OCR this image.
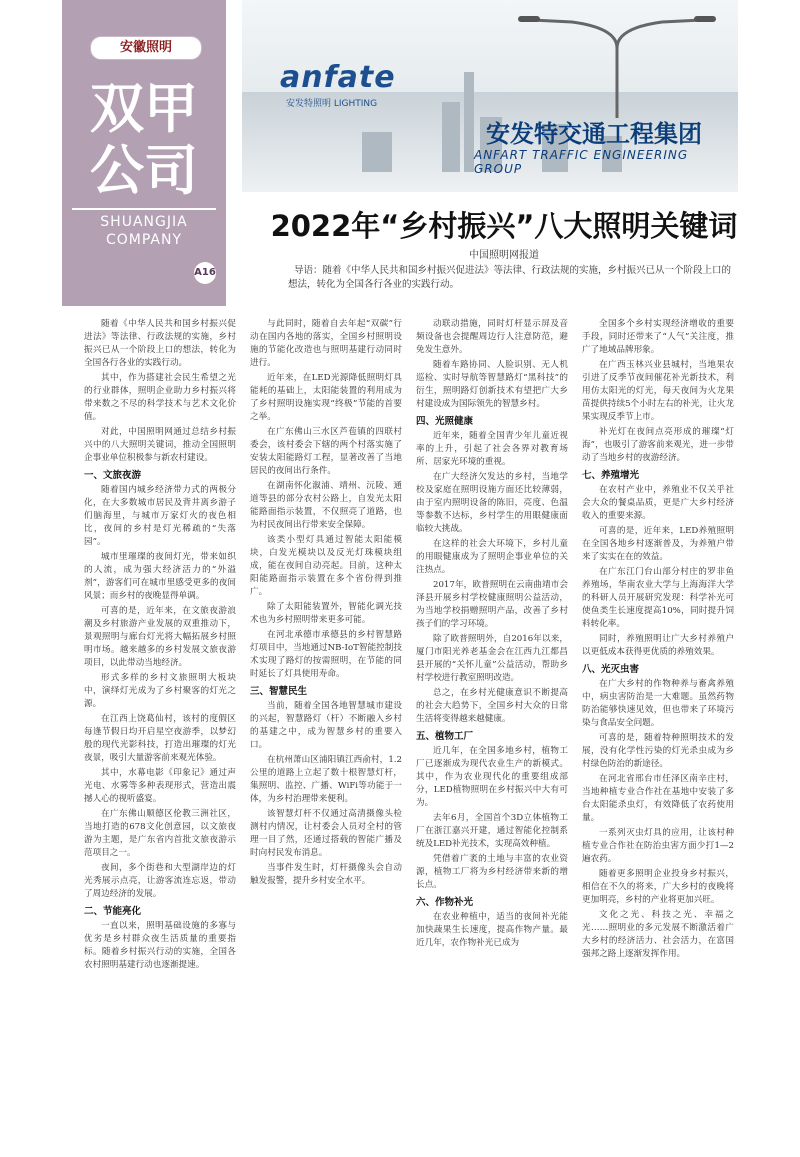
安徽照明
双甲
公司
SHUANGJIA
COMPANY
A16
anfate
安发特照明 LIGHTING
安发特交通工程集团
ANFART TRAFFIC ENGINEERING GROUP
2022年“乡村振兴”八大照明关键词
中国照明网报道
导语：随着《中华人民共和国乡村振兴促进法》等法律、行政法规的实施，乡村振兴已从一个阶段上口的想法，转化为全国各行各业的实践行动。

随着《中华人民共和国乡村振兴促进法》等法律、行政法规的实施，乡村振兴已从一个阶段上口的想法，转化为全国各行各业的实践行动。

其中，作为搭建社会民生希望之光的行业群体，照明企业助力乡村振兴将带来数之不尽的科学技术与艺术文化价值。

对此，中国照明网通过总结乡村振兴中的八大照明关键词，推动全国照明企事业单位积极参与新农村建设。

一、文旅夜游

随着国内城乡经济带力式的两极分化，在大多数城市居民及背井离乡游子们脑海里，与城市万家灯火的夜色相比，夜间的乡村是灯光稀疏的“失落园”。

城市里璀璨的夜间灯光，带来如织的人流，成为强大经济活力的“外溢剂”，游客们可在城市里感受更多的夜间风景；而乡村的夜晚显得单调。

可喜的是，近年来，在文旅夜游浪潮及乡村旅游产业发展的双重推动下，景观照明与廊台灯光将大幅拓展乡村照明市场。越来越多的乡村发展文旅夜游项目，以此带动当地经济。

形式多样的乡村文旅照明大板块中，演绎灯光成为了乡村聚客的灯光之源。

在江西上饶葛仙村，该村的度假区每逢节假日均开启星空夜游季，以梦幻般的现代光影科技，打造出璀璨的灯光夜景，吸引大量游客前来观光体验。

其中，水幕电影《印象记》通过声光电、水雾等多种表现形式，营造出震撼人心的视听盛宴。

在广东佛山顺德区伦教三洲社区，当地打造的678文化创意园，以文旅夜游为主题，是广东省内首批文旅夜游示范项目之一。

夜间，多个街巷和大型湖岸边的灯光秀展示点亮，让游客流连忘返，带动了周边经济的发展。

二、节能亮化

一直以来，照明基础设施的多寡与优劣是乡村群众夜生活质量的重要指标。随着乡村振兴行动的实施，全国各农村照明基建行动也逐渐提速。

与此同时，随着自去年起“双碳”行动在国内各地的落实，全国乡村照明设施的节能化改造也与照明基建行动同时进行。

近年来，在LED光源降低照明灯具能耗的基础上，太阳能装置的利用成为了乡村照明设施实现“终极”节能的首要之举。

在广东佛山三水区芦苞镇的四联村委会，该村委会下辖的两个村落实施了安装太阳能路灯工程，显著改善了当地居民的夜间出行条件。

在湖南怀化溆浦、靖州、沅陵、通道等县的部分农村公路上，自发光太阳能路面指示装置，不仅照亮了道路，也为村民夜间出行带来安全保障。

该类小型灯具通过智能太阳能模块，白发光模块以及反光灯珠模块组成，能在夜间自动亮起。目前，这种太阳能路面指示装置在多个省份得到推广。

除了太阳能装置外，智能化调光技术也为乡村照明带来更多可能。

在河北承德市承德县的乡村智慧路灯项目中，当地通过NB-IoT智能控制技术实现了路灯的按需照明，在节能的同时延长了灯具使用寿命。

三、智慧民生

当前，随着全国各地智慧城市建设的兴起，智慧路灯（杆）不断融入乡村的基建之中，成为智慧乡村的重要入口。

在杭州萧山区浦阳镇江西俞村，1.2公里的道路上立起了数十根智慧灯杆，集照明、监控、广播、WiFi等功能于一体，为乡村治理带来便利。

该智慧灯杆不仅通过高清摄像头检测村内情况，让村委会人员对全村的管理一目了然，还通过搭载的智能广播及时向村民发布消息。

当事件发生时，灯杆摄像头会自动触发报警，提升乡村安全水平。

动联动措施，同时灯杆显示屏及音频设备也会提醒周边行人注意防范，避免发生意外。

随着车路协同、人脸识别、无人机巡检、实时导航等智慧路灯“黑科技”的衍生，照明路灯创新技术有望把广大乡村建设成为国际领先的智慧乡村。

四、光照健康

近年来，随着全国青少年儿童近视率的上升，引起了社会各界对教育场所、居家光环境的重视。

在广大经济欠发达的乡村，当地学校及家庭在照明设施方面还比较薄弱，由于室内照明设备的陈旧，亮度、色温等参数不达标，乡村学生的用眼健康面临较大挑战。

在这样的社会大环境下，乡村儿童的用眼健康成为了照明企事业单位的关注热点。

2017年，欧普照明在云南曲靖市会泽县开展乡村学校健康照明公益活动，为当地学校捐赠照明产品，改善了乡村孩子们的学习环境。

除了欧普照明外，自2016年以来，厦门市阳光养老基金会在江西九江都昌县开展的“关怀儿童”公益活动，帮助乡村学校进行教室照明改造。

总之，在乡村光健康意识不断提高的社会大趋势下，全国乡村大众的日常生活将变得越来越健康。

五、植物工厂

近几年，在全国多地乡村，植物工厂已逐渐成为现代农业生产的新模式。其中，作为农业现代化的重要组成部分，LED植物照明在乡村振兴中大有可为。

去年6月，全国首个3D立体植物工厂在浙江嘉兴开建，通过智能化控制系统及LED补光技术，实现高效种植。

凭借着广袤的土地与丰富的农业资源，植物工厂将为乡村经济带来新的增长点。

六、作物补光

在农业种植中，适当的夜间补光能加快蔬果生长速度，提高作物产量。最近几年，农作物补光已成为

全国多个乡村实现经济增收的重要手段，同时还带来了“人气”关注度，推广了地域品牌形象。

在广西玉林兴业县城村，当地果农引进了反季节夜间催花补光新技术，利用仿太阳光的灯光，每天夜间为火龙果苗提供持续5个小时左右的补光，让火龙果实现反季节上市。

补光灯在夜间点亮形成的璀璨“灯海”，也吸引了游客前来观光，进一步带动了当地乡村的夜游经济。

七、养殖增光

在农村产业中，养殖业不仅关乎社会大众的餐桌品质，更是广大乡村经济收入的重要来源。

可喜的是，近年来，LED养殖照明在全国各地乡村逐渐普及，为养殖户带来了实实在在的效益。

在广东江门台山部分村庄的罗非鱼养殖场，华南农业大学与上海海洋大学的科研人员开展研究发现：科学补光可使鱼类生长速度提高10%，同时提升饲料转化率。

同时，养殖照明让广大乡村养殖户以更低成本获得更优质的养殖效果。

八、光灭虫害

在广大乡村的作物种养与畜禽养殖中，病虫害防治是一大难题。虽然药物防治能够快速见效，但也带来了环境污染与食品安全问题。

可喜的是，随着特种照明技术的发展，没有化学性污染的灯光杀虫成为乡村绿色防治的新途径。

在河北省邢台市任泽区南辛庄村，当地种植专业合作社在基地中安装了多台太阳能杀虫灯，有效降低了农药使用量。

一系列灭虫灯具的应用，让该村种植专业合作社在防治虫害方面少打1—2遍农药。

随着更多照明企业投身乡村振兴，相信在不久的将来，广大乡村的夜晚将更加明亮，乡村的产业将更加兴旺。

文化之光、科技之光、幸福之光……照明业的多元发展不断激活着广大乡村的经济活力、社会活力，在富国强邦之路上逐渐发挥作用。
